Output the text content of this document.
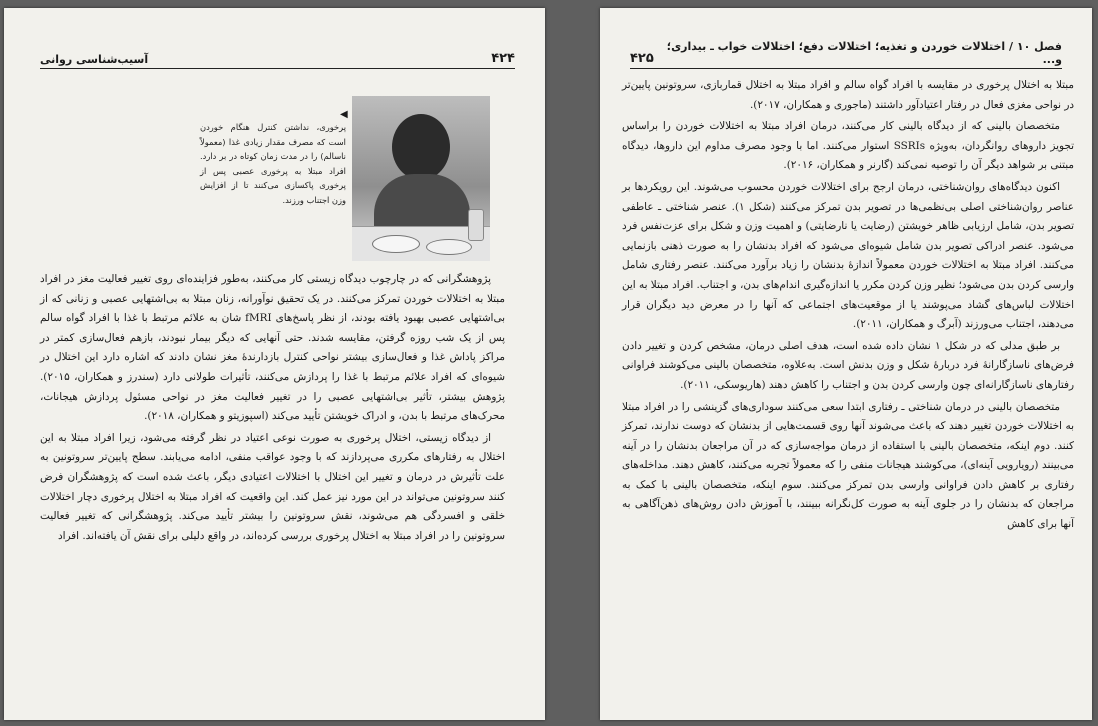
فصل ۱۰ / اختلالات خوردن و تغذیه؛ اختلالات دفع؛ اختلالات خواب ـ بیداری؛ و...
۴۲۵

مبتلا به اختلال پرخوری در مقایسه با افراد گواه سالم و افراد مبتلا به اختلال قماربازی، سروتونین پایین‌تر در نواحی مغزی فعال در رفتار اعتیادآور داشتند (ماجوری و همکاران، ۲۰۱۷).

متخصصان بالینی که از دیدگاه بالینی کار می‌کنند، درمان افراد مبتلا به اختلالات خوردن را براساس تجویز داروهای روانگردان، به‌ویژه SSRIs استوار می‌کنند. اما با وجود مصرف مداوم این داروها، دیدگاه مبتنی بر شواهد دیگر آن را توصیه نمی‌کند (گارنر و همکاران، ۲۰۱۶).

اکنون دیدگاه‌های روان‌شناختی، درمان ارجح برای اختلالات خوردن محسوب می‌شوند. این رویکردها بر عناصر روان‌شناختی اصلی بی‌نظمی‌ها در تصویر بدن تمرکز می‌کنند (شکل ۱). عنصر شناختی ـ عاطفی تصویر بدن، شامل ارزیابی ظاهر خویشتن (رضایت یا نارضایتی) و اهمیت وزن و شکل برای عزت‌نفس فرد می‌شود. عنصر ادراکی تصویر بدن شامل شیوه‌ای می‌شود که افراد بدنشان را به صورت ذهنی بازنمایی می‌کنند. افراد مبتلا به اختلالات خوردن معمولاً اندازهٔ بدنشان را زیاد برآورد می‌کنند. عنصر رفتاری شامل وارسی کردن بدن می‌شود؛ نظیر وزن کردن مکرر یا اندازه‌گیری اندام‌های بدن، و اجتناب. افراد مبتلا به این اختلالات لباس‌های گشاد می‌پوشند یا از موقعیت‌های اجتماعی که آنها را در معرض دید دیگران قرار می‌دهند، اجتناب می‌ورزند (آبرگ و همکاران، ۲۰۱۱).

بر طبق مدلی که در شکل ۱ نشان داده شده است، هدف اصلی درمان، مشخص کردن و تغییر دادن فرض‌های ناسازگارانهٔ فرد دربارهٔ شکل و وزن بدنش است. به‌علاوه، متخصصان بالینی می‌کوشند فراوانی رفتارهای ناسازگارانه‌ای چون وارسی کردن بدن و اجتناب را کاهش دهند (هاریوسکی، ۲۰۱۱).

متخصصان بالینی در درمان شناختی ـ رفتاری ابتدا سعی می‌کنند سوداری‌های گزینشی را در افراد مبتلا به اختلالات خوردن تغییر دهند که باعث می‌شوند آنها روی قسمت‌هایی از بدنشان که دوست ندارند، تمرکز کنند. دوم اینکه، متخصصان بالینی با استفاده از درمان مواجه‌سازی که در آن مراجعان بدنشان را در آینه می‌بینند (رویارویی آینه‌ای)، می‌کوشند هیجانات منفی را که معمولاً تجربه می‌کنند، کاهش دهند. مداخله‌های رفتاری بر کاهش دادن فراوانی وارسی بدن تمرکز می‌کنند. سوم اینکه، متخصصان بالینی با کمک به مراجعان که بدنشان را در جلوی آینه به صورت کل‌نگرانه ببینند، با آموزش دادن روش‌های ذهن‌آگاهی به آنها برای کاهش

۴۲۴
آسیب‌شناسی روانی
◀
پرخوری، نداشتن کنترل هنگام خوردن است که مصرف مقدار زیادی غذا (معمولاً ناسالم) را در مدت زمان کوتاه در بر دارد. افراد مبتلا به پرخوری عصبی پس از پرخوری پاکسازی می‌کنند تا از افزایش وزن اجتناب ورزند.

پژوهشگرانی که در چارچوب دیدگاه زیستی کار می‌کنند، به‌طور فزاینده‌ای روی تغییر فعالیت مغز در افراد مبتلا به اختلالات خوردن تمرکز می‌کنند. در یک تحقیق نوآورانه، زنان مبتلا به بی‌اشتهایی عصبی و زنانی که از بی‌اشتهایی عصبی بهبود یافته بودند، از نظر پاسخ‌های fMRI شان به علائم مرتبط با غذا با افراد گواه سالم پس از یک شب روزه گرفتن، مقایسه شدند. حتی آنهایی که دیگر بیمار نبودند، بازهم فعال‌سازی کمتر در مراکز پاداش غذا و فعال‌سازی بیشتر نواحی کنترل بازدارندهٔ مغز نشان دادند که اشاره دارد این اختلال در شیوه‌ای که افراد علائم مرتبط با غذا را پردازش می‌کنند، تأثیرات طولانی دارد (سندرز و همکاران، ۲۰۱۵). پژوهش بیشتر، تأثیر بی‌اشتهایی عصبی را در تغییر فعالیت مغز در نواحی مسئول پردازش هیجانات، محرک‌های مرتبط با بدن، و ادراک خویشتن تأیید می‌کند (اسپوزیتو و همکاران، ۲۰۱۸).

از دیدگاه زیستی، اختلال پرخوری به صورت نوعی اعتیاد در نظر گرفته می‌شود، زیرا افراد مبتلا به این اختلال به رفتارهای مکرری می‌پردازند که با وجود عواقب منفی، ادامه می‌یابند. سطح پایین‌تر سروتونین به علت تأثیرش در درمان و تغییر این اختلال با اختلالات اعتیادی دیگر، باعث شده است که پژوهشگران فرض کنند سروتونین می‌تواند در این مورد نیز عمل کند. این واقعیت که افراد مبتلا به اختلال پرخوری دچار اختلالات خلقی و افسردگی هم می‌شوند، نقش سروتونین را بیشتر تأیید می‌کند. پژوهشگرانی که تغییر فعالیت سروتونین را در افراد مبتلا به اختلال پرخوری بررسی کرده‌اند، در واقع دلیلی برای نقش آن یافته‌اند. افراد
